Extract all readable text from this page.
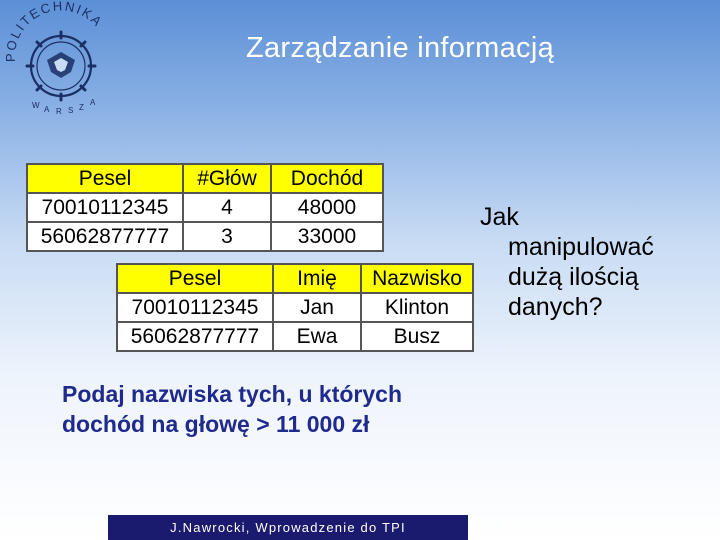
POLITECHNIKA
W A R S Z
A
Zarządzanie informacją
Pesel	#Głów	Dochód
70010112345	4	48000
56062877777	3	33000
Pesel	Imię	Nazwisko
70010112345	Jan	Klinton
56062877777	Ewa	Busz
Jak
manipulować
dużą ilością
danych?
Podaj nazwiska tych, u których
dochód na głowę > 11 000 zł
J.Nawrocki, Wprowadzenie do TPI
